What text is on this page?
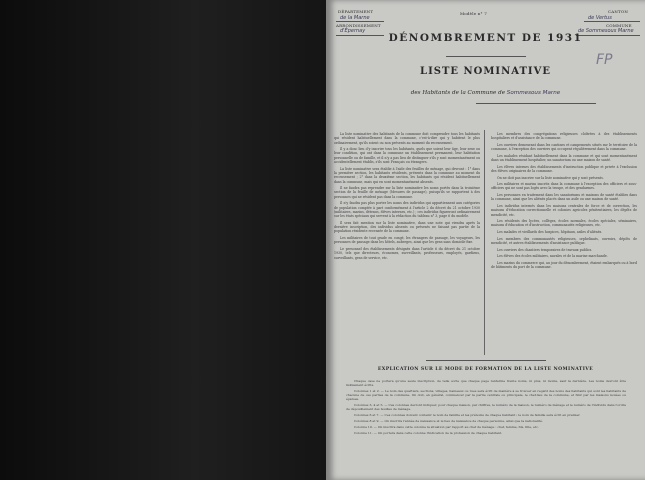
DÉPARTEMENT
de la Marne
ARRONDISSEMENT
d'Épernay
Modèle n° 7	CANTON
de Vertus
COMMUNE
de Sommesous Marne
FP
DÉNOMBREMENT DE 1931
LISTE NOMINATIVE
des Habitants de la Commune de Sommesous Marne

La liste nominative des habitants de la commune doit comprendre tous les habitants qui résident habituellement dans la commune, c'est-à-dire qui y habitent le plus ordinairement, qu'ils soient ou non présents au moment du recensement.

Il y a donc lieu d'y inscrire tous les habitants, quels que soient leur âge, leur sexe ou leur condition, qui ont dans la commune un établissement permanent, leur habitation personnelle ou de famille, et il n'y a pas lieu de distinguer s'ils y sont momentanément ou accidentellement établis, s'ils sont Français ou étrangers.

La liste nominative sera établie à l'aide des feuilles de ménage, qui devront : 1° dans la première section, les habitants résidents, présents dans la commune au moment du recensement ; 2° dans la deuxième section, les habitants qui résident habituellement dans la commune, mais qui en sont momentanément absents.

Il ne faudra pas reprendre sur la liste nominative les noms portés dans la troisième section de la feuille de ménage (Mesures de passage), puisqu'ils se rapportent à des personnes qui ne résident pas dans la commune.

Il n'y faudra pas plus porter les noms des individus qui appartiennent aux catégories de population comptée à part conformément à l'article 2 du décret du 21 octobre 1930 (militaires, marins, détenus, élèves internes, etc.) ; ces individus figureront ordinairement sur les états spéciaux qui servent à la rédaction du tableau n° 3, page 6 du modèle.

Il sera fait mention sur la liste nominative, dans une note qui viendra après la dernière inscription, des individus absents ou présents ne faisant pas partie de la population résidente recensée de la commune.

Les militaires de tout grade en congé, les étrangers de passage, les voyageurs, les personnes de passage dans les hôtels, auberges, ainsi que les gens sans domicile fixe.

Le personnel des établissements désignés dans l'article 6 du décret du 21 octobre 1930, tels que directeurs, économes, surveillants, professeurs, employés, gardiens, surveillants, gens de service, etc.

Les membres des congrégations religieuses cloîtrées à des établissements hospitaliers et d'assistance de la commune.

Les ouvriers demeurant dans les cantines et campements situés sur le territoire de la commune, à l'exception des ouvriers qui occupent régulièrement dans la commune.

Les malades résidant habituellement dans la commune et qui sont momentanément dans un établissement hospitalier, un sanatorium ou une maison de santé.

Les élèves internes des établissements d'instruction publique et privée à l'exclusion des élèves originaires de la commune.

On ne doit pas inscrire sur la liste nominative qui y sont présents.

Les militaires et marins inscrits dans la commune à l'exception des officiers et sous-officiers qui ne sont pas logés avec la troupe, et des gendarmes.

Les personnes en traitement dans les sanatoriums et maisons de santé établies dans la commune, ainsi que les aliénés placés dans un asile ou une maison de santé.

Les individus internés dans les maisons centrales de force et de correction, les maisons d'éducation correctionnelle et colonies agricoles pénitentiaires, les dépôts de mendicité, etc.

Les résidents des lycées, collèges, écoles normales, écoles spéciales, séminaires, maisons d'éducation et d'instruction, communautés religieuses, etc.

Les malades et vieillards des hospices, hôpitaux, asiles d'aliénés.

Les membres des communautés religieuses, orphelinats, ouvroirs, dépôts de mendicité, et autres établissements d'assistance publique.

Les ouvriers des chantiers temporaires de travaux publics.

Les élèves des écoles militaires, navales et de la marine marchande.

Les marins du commerce qui, au jour du dénombrement, étaient embarqués ou à bord de bâtiments du port de la commune.

EXPLICATION SUR LE MODE DE FORMATION DE LA LISTE NOMINATIVE

Chaque case ne portera qu'une seule inscription, de telle sorte que chaque page renferme trente noms, ni plus, ni moins, sauf la dernière. Les noms devront être lisiblement écrits.

Colonnes 1 et 2. — Le nom des quartiers, sections, villages, hameaux ou rues sera écrit de manière à se trouver en regard des noms des habitants qui sont les habitants de chacune de ces parties de la commune. On doit, en général, commencer par la partie centrale ou principale, le chef-lieu de la commune, et finir par les maisons isolées ou éparses.

Colonnes 3, 4 et 5. — Ces colonnes devront indiquer, pour chaque maison, par chiffres, le numéro de la maison, le numéro de ménage et le numéro de l'individu dans l'ordre de dépouillement des feuilles de ménage.

Colonnes 6 et 7. — Ces colonnes doivent contenir le nom de famille et les prénoms de chaque habitant ; le nom de famille sera écrit en premier.

Colonnes 8 et 9. — On inscrira l'année de naissance et le lieu de naissance de chaque personne, ainsi que la nationalité.

Colonne 10. — On inscrira dans cette colonne la situation par rapport au chef de ménage : chef, femme, fils, fille, etc.

Colonne 11. — On portera dans cette colonne l'indication de la profession de chaque habitant.
